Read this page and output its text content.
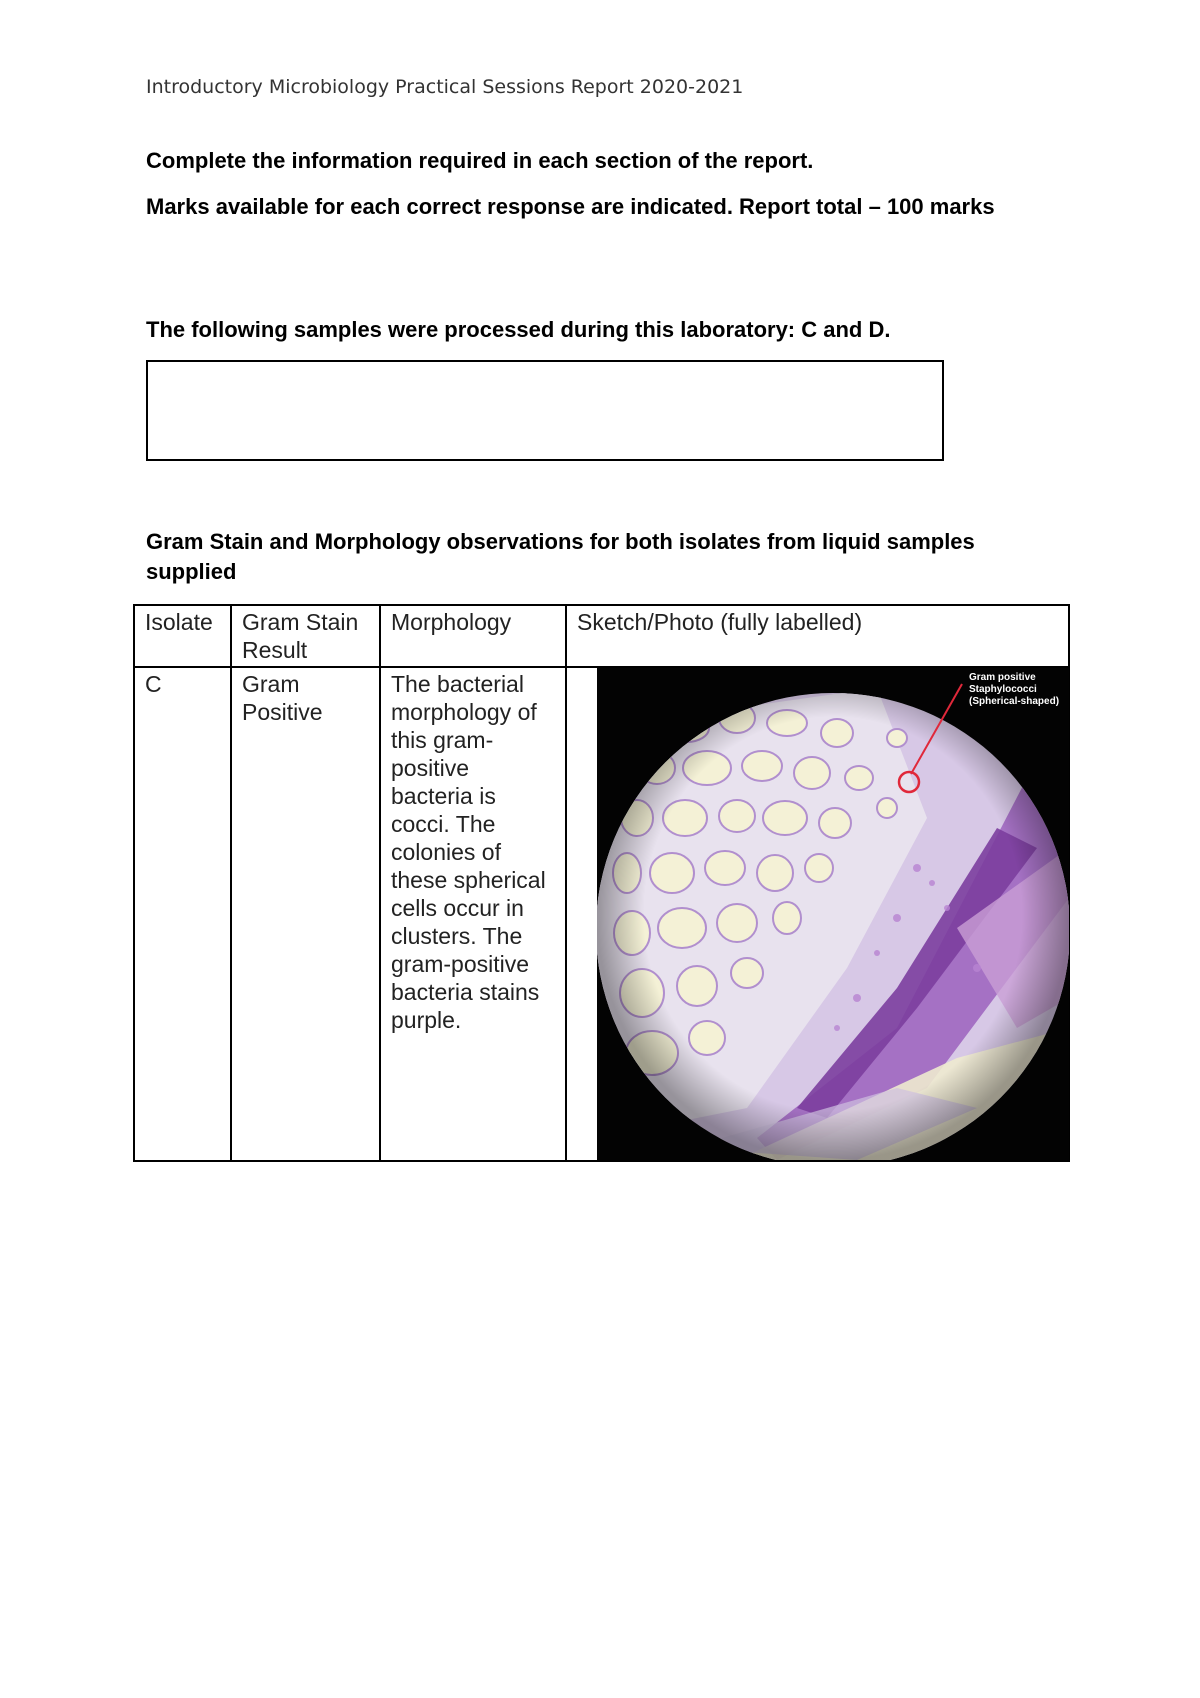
Introductory Microbiology Practical Sessions Report 2020-2021
Complete the information required in each section of the report.
Marks available for each correct response are indicated. Report total – 100 marks
The following samples were processed during this laboratory: C and D.
Gram Stain and Morphology observations for both isolates from liquid samples supplied
Isolate	Gram Stain Result	Morphology	Sketch/Photo (fully labelled)
C	Gram Positive	The bacterial morphology of this gram-positive bacteria is cocci. The colonies of these spherical cells occur in clusters. The gram-positive bacteria stains purple.	Gram positive
Staphylococci
(Spherical-shaped)
